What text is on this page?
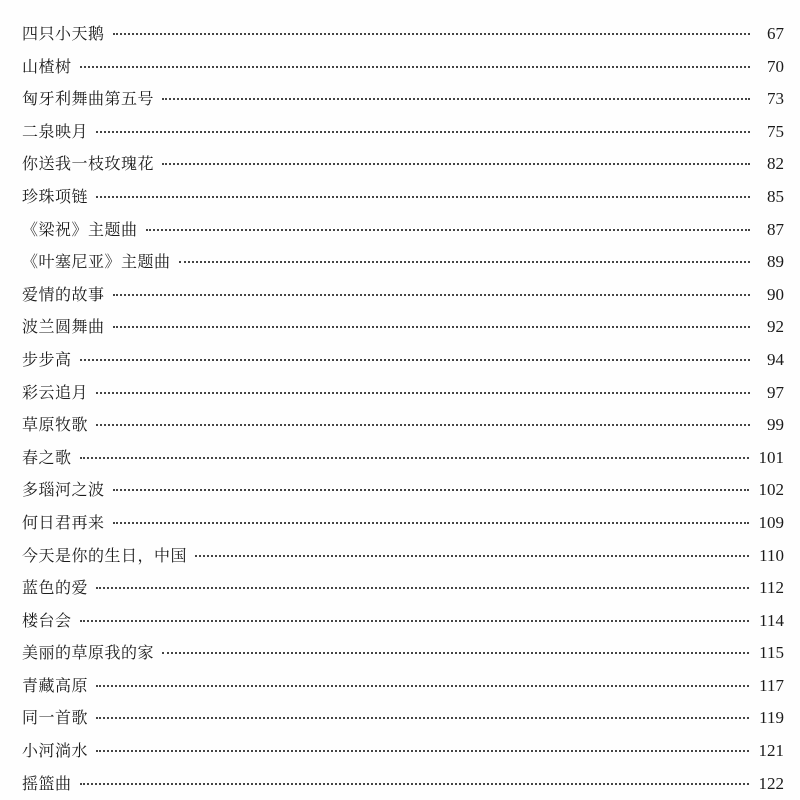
四只小天鹅	67
山楂树	70
匈牙利舞曲第五号	73
二泉映月	75
你送我一枝玫瑰花	82
珍珠项链	85
《梁祝》主题曲	87
《叶塞尼亚》主题曲	89
爱情的故事	90
波兰圆舞曲	92
步步高	94
彩云追月	97
草原牧歌	99
春之歌	101
多瑙河之波	102
何日君再来	109
今天是你的生日，中国	110
蓝色的爱	112
楼台会	114
美丽的草原我的家	115
青藏高原	117
同一首歌	119
小河淌水	121
摇篮曲	122
